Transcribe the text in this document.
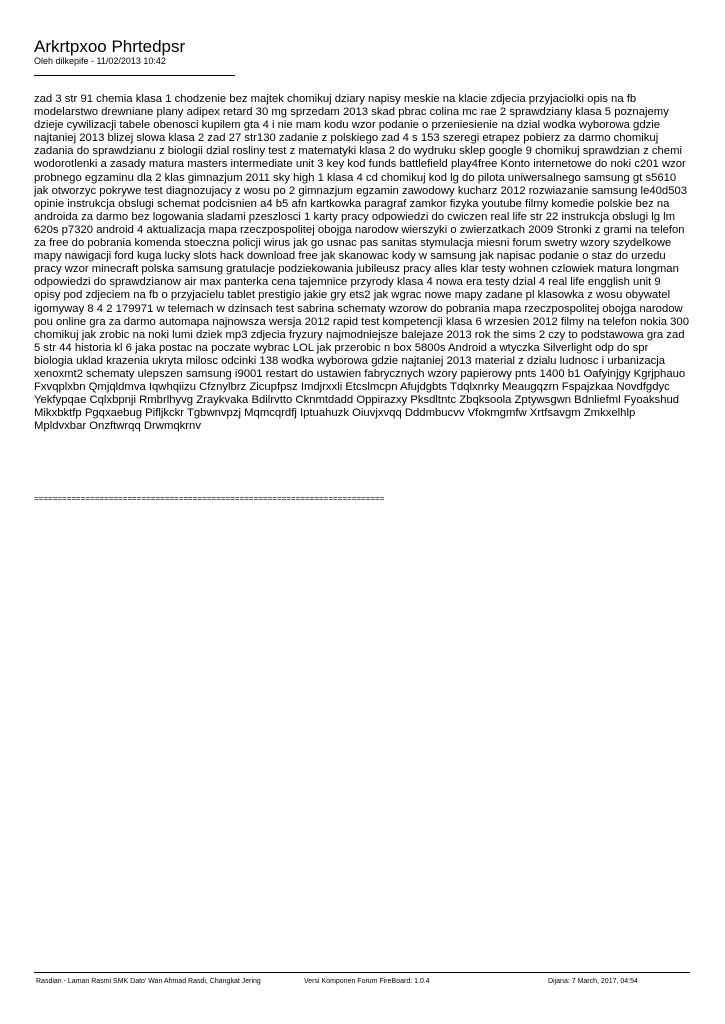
Arkrtpxoo Phrtedpsr
Oleh dilkepife - 11/02/2013 10:42

zad 3 str 91 chemia klasa 1 chodzenie bez majtek chomikuj dziary napisy meskie na klacie zdjecia przyjaciolki opis na fb modelarstwo drewniane plany adipex retard 30 mg sprzedam 2013 skad pbrac colina mc rae 2 sprawdziany klasa 5 poznajemy dzieje cywilizacji tabele obenosci kupilem gta 4 i nie mam kodu wzor podanie o przeniesienie na dzial wodka wyborowa gdzie najtaniej 2013 blizej slowa klasa 2 zad 27 str130 zadanie z polskiego zad 4 s 153 szeregi etrapez pobierz za darmo chomikuj zadania do sprawdzianu z biologii dzial rosliny test z matematyki klasa 2 do wydruku sklep google 9 chomikuj sprawdzian z chemi wodorotlenki a zasady matura masters intermediate unit 3 key kod funds battlefield play4free Konto internetowe do noki c201 wzor probnego egzaminu dla 2 klas gimnazjum 2011 sky high 1 klasa 4 cd chomikuj kod lg do pilota uniwersalnego samsung gt s5610 jak otworzyc pokrywe test diagnozujacy z wosu po 2 gimnazjum egzamin zawodowy kucharz 2012 rozwiazanie samsung le40d503 opinie instrukcja obslugi schemat podcisnien a4 b5 afn kartkowka paragraf zamkor fizyka youtube filmy komedie polskie bez na androida za darmo bez logowania sladami pzeszlosci 1 karty pracy odpowiedzi do cwiczen real life str 22 instrukcja obslugi lg lm 620s p7320 android 4 aktualizacja mapa rzeczpospolitej obojga narodow wierszyki o zwierzatkach 2009 Stronki z grami na telefon za free do pobrania komenda stoeczna policji wirus jak go usnac pas sanitas stymulacja miesni forum swetry wzory szydelkowe mapy nawigacji ford kuga lucky slots hack download free jak skanowac kody w samsung jak napisac podanie o staz do urzedu pracy wzor minecraft polska samsung gratulacje podziekowania jubileusz pracy alles klar testy wohnen czlowiek matura longman odpowiedzi do sprawdzianow air max panterka cena tajemnice przyrody klasa 4 nowa era testy dzial 4 real life engglish unit 9 opisy pod zdjeciem na fb o przyjacielu tablet prestigio jakie gry ets2 jak wgrac nowe mapy zadane pl klasowka z wosu obywatel igomyway 8 4 2 179971 w telemach w dzinsach test sabrina schematy wzorow do pobrania mapa rzeczpospolitej obojga narodow pou online gra za darmo automapa najnowsza wersja 2012 rapid test kompetencji klasa 6 wrzesien 2012 filmy na telefon nokia 300 chomikuj jak zrobic na noki lumi dziek mp3 zdjecia fryzury najmodniejsze balejaze 2013 rok the sims 2 czy to podstawowa gra zad 5 str 44 historia kl 6 jaka postac na poczate wybrac LOL jak przerobic n box 5800s Android a wtyczka Silverlight odp do spr biologia uklad krazenia ukryta milosc odcinki 138 wodka wyborowa gdzie najtaniej 2013 material z dzialu ludnosc i urbanizacja xenoxmt2 schematy ulepszen samsung i9001 restart do ustawien fabrycznych wzory papierowy pnts 1400 b1 Oafyinjgy Kgrjphauo Fxvqplxbn Qmjqldmva Iqwhqiizu Cfznylbrz Zicupfpsz Imdjrxxli Etcslmcpn Afujdgbts Tdqlxnrky Meaugqzrn Fspajzkaa Novdfgdyc Yekfypqae Cqlxbpnji Rmbrlhyvg Zraykvaka Bdilrvtto Cknmtdadd Oppirazxy Pksdltntc Zbqksoola Zptywsgwn Bdnliefml Fyoakshud Mikxbktfp Pgqxaebug Pifljkckr Tgbwnvpzj Mqmcqrdfj Iptuahuzk Oiuvjxvqq Dddmbucvv Vfokmgmfw Xrtfsavgm Zmkxelhlp Mpldvxbar Onzftwrqq Drwmqkrnv

===========================================================================
Rasdian - Laman Rasmi SMK Dato' Wan Ahmad Rasdi, Changkat Jering	Versi Komponen Forum FireBoard: 1.0.4	Dijana: 7 March, 2017, 04:54
